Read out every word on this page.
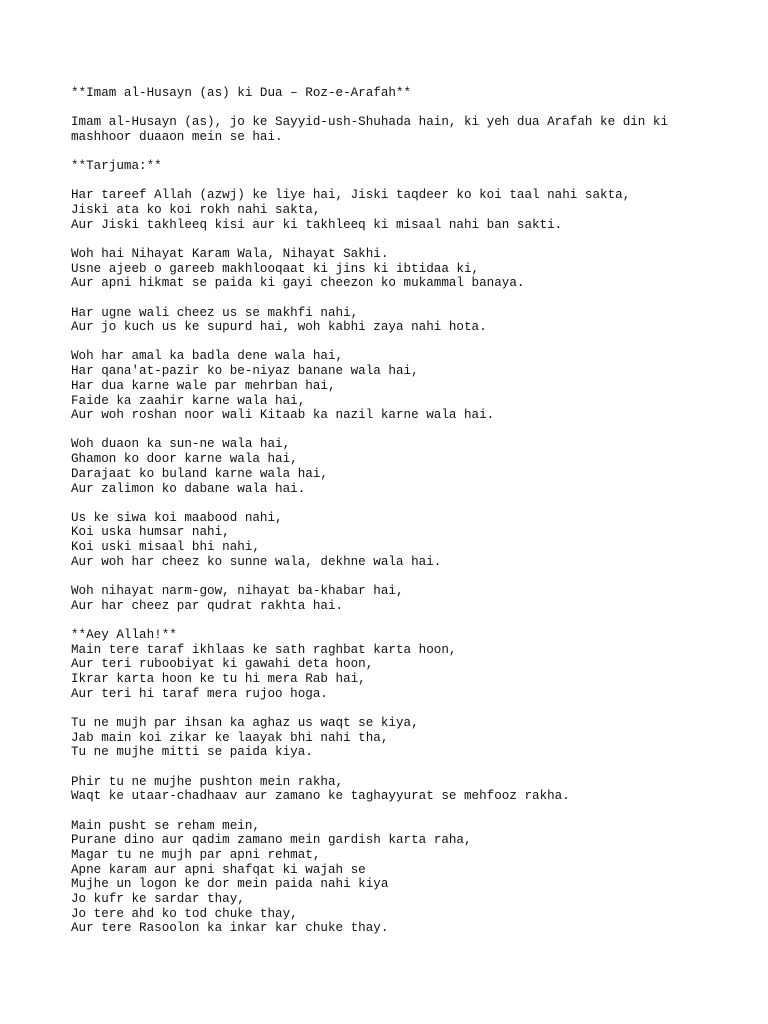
**Imam al-Husayn (as) ki Dua – Roz-e-Arafah**
Imam al-Husayn (as), jo ke Sayyid-ush-Shuhada hain, ki yeh dua Arafah ke din ki
mashhoor duaaon mein se hai.
**Tarjuma:**
Har tareef Allah (azwj) ke liye hai, Jiski taqdeer ko koi taal nahi sakta,
Jiski ata ko koi rokh nahi sakta,
Aur Jiski takhleeq kisi aur ki takhleeq ki misaal nahi ban sakti.
Woh hai Nihayat Karam Wala, Nihayat Sakhi.
Usne ajeeb o gareeb makhlooqaat ki jins ki ibtidaa ki,
Aur apni hikmat se paida ki gayi cheezon ko mukammal banaya.
Har ugne wali cheez us se makhfi nahi,
Aur jo kuch us ke supurd hai, woh kabhi zaya nahi hota.
Woh har amal ka badla dene wala hai,
Har qana'at-pazir ko be-niyaz banane wala hai,
Har dua karne wale par mehrban hai,
Faide ka zaahir karne wala hai,
Aur woh roshan noor wali Kitaab ka nazil karne wala hai.
Woh duaon ka sun-ne wala hai,
Ghamon ko door karne wala hai,
Darajaat ko buland karne wala hai,
Aur zalimon ko dabane wala hai.
Us ke siwa koi maabood nahi,
Koi uska humsar nahi,
Koi uski misaal bhi nahi,
Aur woh har cheez ko sunne wala, dekhne wala hai.
Woh nihayat narm-gow, nihayat ba-khabar hai,
Aur har cheez par qudrat rakhta hai.
**Aey Allah!**
Main tere taraf ikhlaas ke sath raghbat karta hoon,
Aur teri ruboobiyat ki gawahi deta hoon,
Ikrar karta hoon ke tu hi mera Rab hai,
Aur teri hi taraf mera rujoo hoga.
Tu ne mujh par ihsan ka aghaz us waqt se kiya,
Jab main koi zikar ke laayak bhi nahi tha,
Tu ne mujhe mitti se paida kiya.
Phir tu ne mujhe pushton mein rakha,
Waqt ke utaar-chadhaav aur zamano ke taghayyurat se mehfooz rakha.
Main pusht se reham mein,
Purane dino aur qadim zamano mein gardish karta raha,
Magar tu ne mujh par apni rehmat,
Apne karam aur apni shafqat ki wajah se
Mujhe un logon ke dor mein paida nahi kiya
Jo kufr ke sardar thay,
Jo tere ahd ko tod chuke thay,
Aur tere Rasoolon ka inkar kar chuke thay.
